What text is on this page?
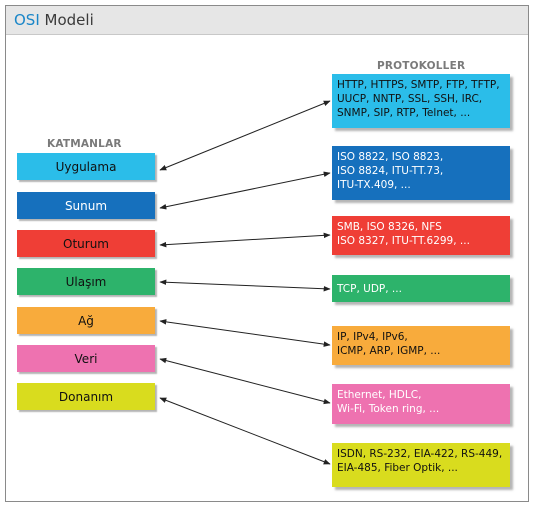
OSI Modeli
KATMANLAR
PROTOKOLLER
Uygulama
Sunum
Oturum
Ulaşım
Ağ
Veri
Donanım
HTTP, HTTPS, SMTP, FTP, TFTP,
UUCP, NNTP, SSL, SSH, IRC,
SNMP, SIP, RTP, Telnet, ...
ISO 8822, ISO 8823,
ISO 8824, ITU-TT.73,
ITU-TX.409, ...
SMB, ISO 8326, NFS
ISO 8327, ITU-TT.6299, ...
TCP, UDP, ...
IP, IPv4, IPv6,
ICMP, ARP, IGMP, ...
Ethernet, HDLC,
Wi-Fi, Token ring, ...
ISDN, RS-232, EIA-422, RS-449,
EIA-485, Fiber Optik, ...
